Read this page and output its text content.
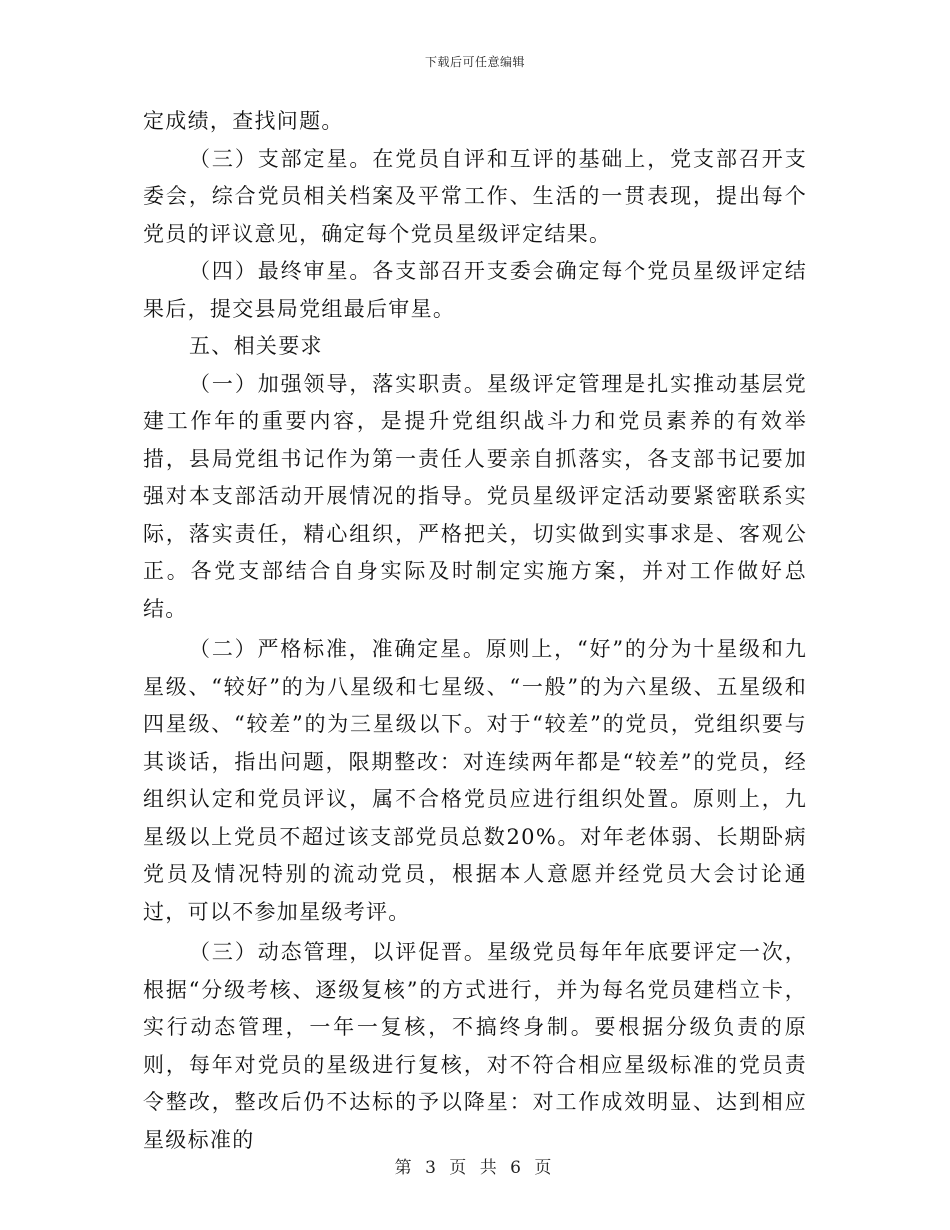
下载后可任意编辑

定成绩，查找问题。

（三）支部定星。在党员自评和互评的基础上，党支部召开支委会，综合党员相关档案及平常工作、生活的一贯表现，提出每个党员的评议意见，确定每个党员星级评定结果。

（四）最终审星。各支部召开支委会确定每个党员星级评定结果后，提交县局党组最后审星。

五、相关要求

（一）加强领导，落实职责。星级评定管理是扎实推动基层党建工作年的重要内容，是提升党组织战斗力和党员素养的有效举措，县局党组书记作为第一责任人要亲自抓落实，各支部书记要加强对本支部活动开展情况的指导。党员星级评定活动要紧密联系实际，落实责任，精心组织，严格把关，切实做到实事求是、客观公正。各党支部结合自身实际及时制定实施方案，并对工作做好总结。

（二）严格标准，准确定星。原则上，“好”的分为十星级和九星级、“较好”的为八星级和七星级、“一般”的为六星级、五星级和四星级、“较差”的为三星级以下。对于“较差”的党员，党组织要与其谈话，指出问题，限期整改：对连续两年都是“较差”的党员，经组织认定和党员评议，属不合格党员应进行组织处置。原则上，九星级以上党员不超过该支部党员总数20%。对年老体弱、长期卧病党员及情况特别的流动党员，根据本人意愿并经党员大会讨论通过，可以不参加星级考评。

（三）动态管理，以评促晋。星级党员每年年底要评定一次，根据“分级考核、逐级复核”的方式进行，并为每名党员建档立卡，实行动态管理，一年一复核，不搞终身制。要根据分级负责的原则，每年对党员的星级进行复核，对不符合相应星级标准的党员责令整改，整改后仍不达标的予以降星：对工作成效明显、达到相应星级标准的

第 3 页 共 6 页
